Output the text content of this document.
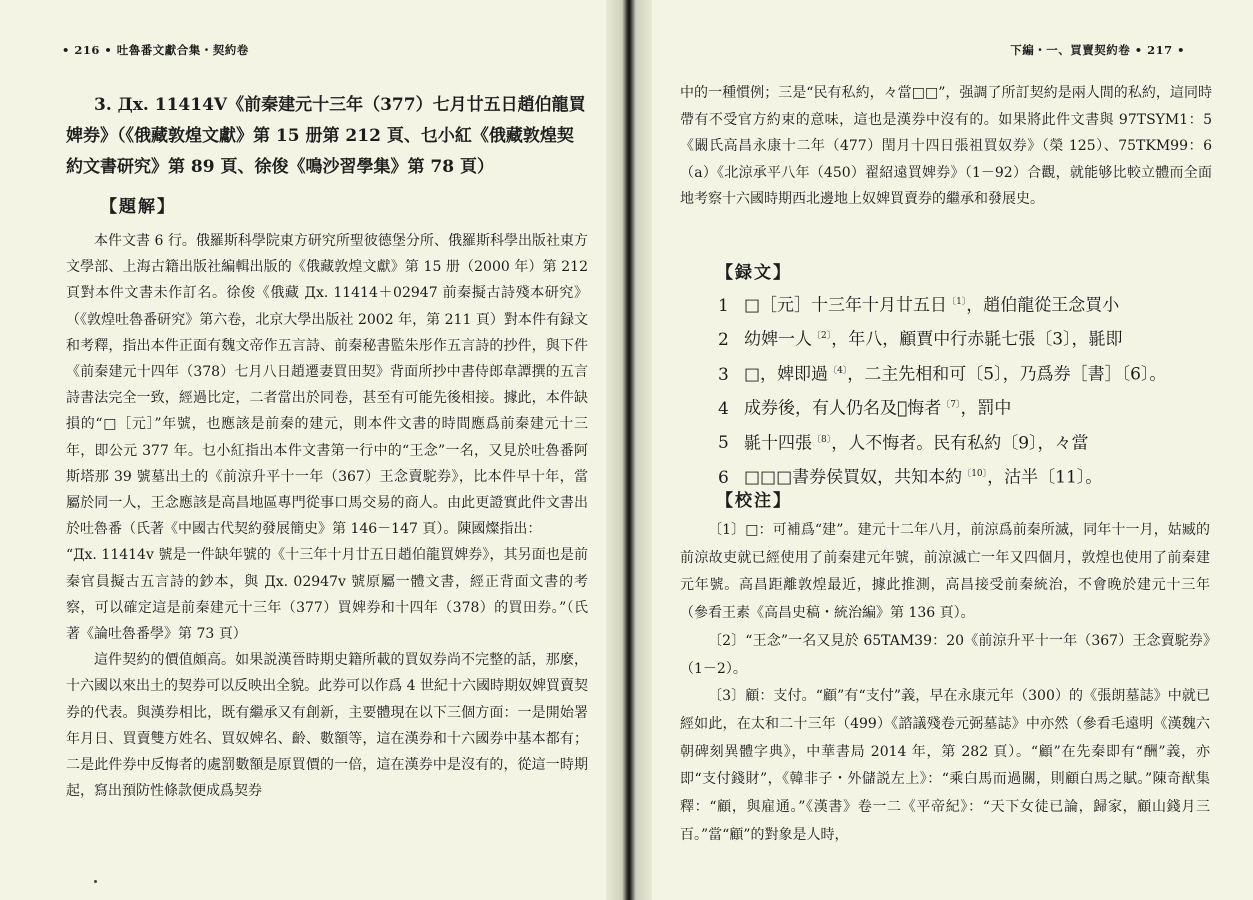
• 216 • 吐魯番文獻合集・契約卷
3. Дx. 11414V《前秦建元十三年（377）七月廿五日趙伯龍買
婢券》（《俄藏敦煌文獻》第 15 册第 212 頁、乜小紅《俄藏敦煌契
約文書研究》第 89 頁、徐俊《鳴沙習學集》第 78 頁）
【題解】

本件文書 6 行。俄羅斯科學院東方研究所聖彼德堡分所、俄羅斯科學出版社東方文學部、上海古籍出版社編輯出版的《俄藏敦煌文獻》第 15 册（2000 年）第 212 頁對本件文書未作訂名。徐俊《俄藏 Дx. 11414＋02947 前秦擬古詩殘本研究》（《敦煌吐魯番研究》第六卷，北京大學出版社 2002 年，第 211 頁）對本件有録文和考釋，指出本件正面有魏文帝作五言詩、前秦秘書監朱彤作五言詩的抄件，與下件《前秦建元十四年（378）七月八日趙遷妻買田契》背面所抄中書侍郎韋譚撰的五言詩書法完全一致，經過比定，二者當出於同卷，甚至有可能先後相接。據此，本件缺損的“□［元］”年號，也應該是前秦的建元，則本件文書的時間應爲前秦建元十三年，即公元 377 年。乜小紅指出本件文書第一行中的“王念”一名，又見於吐魯番阿斯塔那 39 號墓出土的《前涼升平十一年（367）王念賣駝券》，比本件早十年，當屬於同一人，王念應該是高昌地區專門從事口馬交易的商人。由此更證實此件文書出於吐魯番（氏著《中國古代契約發展簡史》第 146－147 頁）。陳國燦指出：

“Дx. 11414v 號是一件缺年號的《十三年十月廿五日趙伯龍買婢券》，其另面也是前秦官員擬古五言詩的鈔本，與 Дx. 02947v 號原屬一體文書，經正背面文書的考察，可以確定這是前秦建元十三年（377）買婢券和十四年（378）的買田券。”（氏著《論吐魯番學》第 73 頁）

這件契約的價值頗高。如果説漢晉時期史籍所載的買奴券尚不完整的話，那麼，十六國以來出土的契券可以反映出全貌。此券可以作爲 4 世紀十六國時期奴婢買賣契券的代表。與漢券相比，既有繼承又有創新，主要體現在以下三個方面：一是開始署年月日、買賣雙方姓名、買奴婢名、齡、數額等，這在漢券和十六國券中基本都有；二是此件券中反悔者的處罰數額是原買價的一倍，這在漢券中是沒有的，從這一時期起，寫出預防性條款便成爲契券

下編・一、買賣契約卷 • 217 •

中的一種慣例；三是“民有私約，々當□□”，强調了所訂契約是兩人間的私約，這同時帶有不受官方約束的意味，這也是漢券中沒有的。如果將此件文書與 97TSYM1：5《闞氏高昌永康十二年（477）閏月十四日張祖買奴券》（榮 125）、75TKM99：6（a）《北涼承平八年（450）翟紹遠買婢券》（1－92）合觀，就能够比較立體而全面地考察十六國時期西北邊地上奴婢買賣券的繼承和發展史。

【録文】
1 □［元］十三年十月廿五日$^{〔1〕}$，趙伯龍從王念買小
2 幼婢一人$^{〔2〕}$，年八，顧賈中行赤毾七張〔3〕，毾即
3 □，婢即過$^{〔4〕}$，二主先相和可〔5〕，乃爲券［書］〔6〕。
4 成券後，有人仍名及𢙣悔者$^{〔7〕}$，罰中
5 毾十四張$^{〔8〕}$，人不悔者。民有私約〔9〕，々當
6 □□□書券侯買奴，共知本約$^{〔10〕}$，沽半〔11〕。
【校注】

〔1〕□：可補爲“建”。建元十二年八月，前涼爲前秦所滅，同年十一月，姑臧的前涼故吏就已經使用了前秦建元年號，前涼滅亡一年又四個月，敦煌也使用了前秦建元年號。高昌距離敦煌最近，據此推測，高昌接受前秦統治，不會晚於建元十三年（參看王素《高昌史稿・統治編》第 136 頁）。

〔2〕“王念”一名又見於 65TAM39：20《前涼升平十一年（367）王念賣駝券》（1－2）。

〔3〕顧：支付。“顧”有“支付”義，早在永康元年（300）的《張朗墓誌》中就已經如此，在太和二十三年（499）《諮議殘卷元弼墓誌》中亦然（參看毛遠明《漢魏六朝碑刻異體字典》，中華書局 2014 年，第 282 頁）。“顧”在先秦即有“酬”義，亦即“支付錢財”，《韓非子・外儲説左上》：“乘白馬而過關，則顧白馬之賦。”陳奇猷集釋：“顧，與雇通。”《漢書》卷一二《平帝紀》：“天下女徒已論，歸家，顧山錢月三百。”當“顧”的對象是人時，
